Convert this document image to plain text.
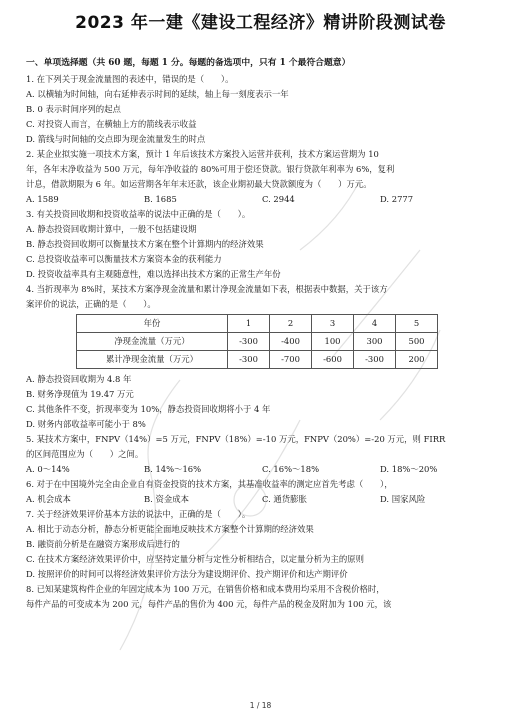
2023 年一建《建设工程经济》精讲阶段测试卷
一、单项选择题（共 60 题，每题 1 分。每题的备选项中，只有 1 个最符合题意）
1. 在下列关于现金流量图的表述中，错误的是（　　）。
A. 以横轴为时间轴，向右延伸表示时间的延续，轴上每一刻度表示一年
B. 0 表示时间序列的起点
C. 对投资人而言，在横轴上方的箭线表示收益
D. 箭线与时间轴的交点即为现金流量发生的时点
2. 某企业拟实施一项技术方案，预计 1 年后该技术方案投入运营并获利，技术方案运营期为 10
年，各年末净收益为 500 万元，每年净收益的 80%可用于偿还贷款。银行贷款年利率为 6%，复利
计息，借款期限为 6 年。如运营期各年年末还款，该企业期初最大贷款额度为（　　）万元。
A. 1589	B. 1685	C. 2944	D. 2777
3. 有关投资回收期和投资收益率的说法中正确的是（　　）。
A. 静态投资回收期计算中，一般不包括建设期
B. 静态投资回收期可以衡量技术方案在整个计算期内的经济效果
C. 总投资收益率可以衡量技术方案资本金的获利能力
D. 投资收益率具有主观随意性，难以选择出技术方案的正常生产年份
4. 当折现率为 8%时，某技术方案净现金流量和累计净现金流量如下表，根据表中数据，关于该方
案评价的说法，正确的是（　　）。
年份	1	2	3	4	5
净现金流量（万元）	-300	-400	100	300	500
累计净现金流量（万元）	-300	-700	-600	-300	200
A. 静态投资回收期为 4.8 年
B. 财务净现值为 19.47 万元
C. 其他条件不变，折现率变为 10%，静态投资回收期将小于 4 年
D. 财务内部收益率可能小于 8%
5. 某技术方案中，FNPV（14%）=5 万元，FNPV（18%）=-10 万元，FNPV（20%）=-20 万元，则 FIRR
的区间范围应为（　　）之间。
A. 0～14%	B. 14%～16%	C. 16%～18%	D. 18%～20%
6. 对于在中国境外完全由企业自有资金投资的技术方案，其基准收益率的测定应首先考虑（　　），
A. 机会成本	B. 资金成本	C. 通货膨胀	D. 国家风险
7. 关于经济效果评价基本方法的说法中，正确的是（　　）。
A. 相比于动态分析，静态分析更能全面地反映技术方案整个计算期的经济效果
B. 融资前分析是在融资方案形成后进行的
C. 在技术方案经济效果评价中，应坚持定量分析与定性分析相结合，以定量分析为主的原则
D. 按照评价的时间可以将经济效果评价方法分为建设期评价、投产期评价和达产期评价
8. 已知某建筑构件企业的年固定成本为 100 万元，在销售价格和成本费用均采用不含税价格时，
每件产品的可变成本为 200 元，每件产品的售价为 400 元，每件产品的税金及附加为 100 元，该
1 / 18
